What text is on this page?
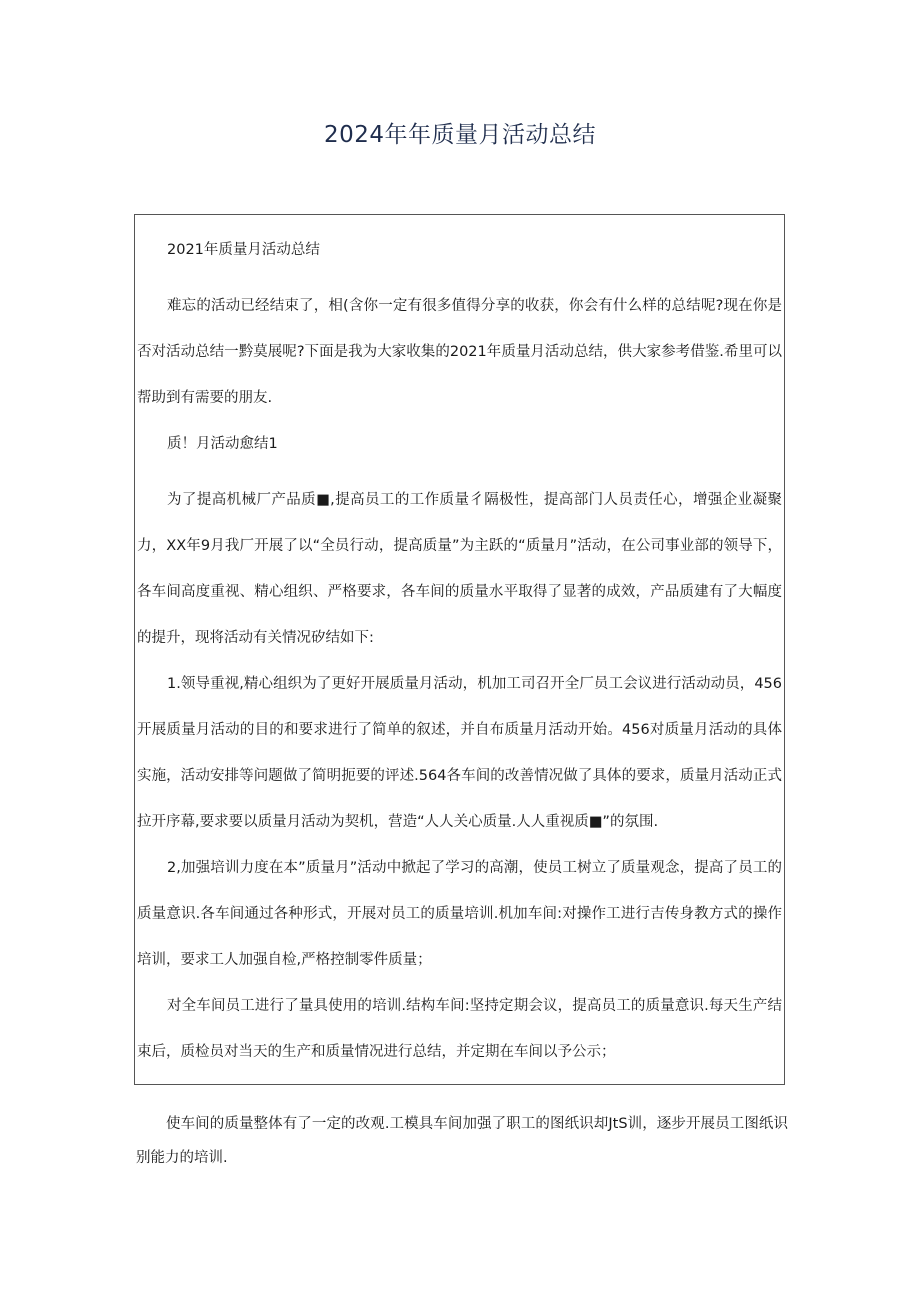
2024年年质量月活动总结

2021年质量月活动总结

难忘的活动已经结束了，相(含你一定有很多值得分享的收获，你会有什么样的总结呢?现在你是否对活动总结一黔莫展呢?下面是我为大家收集的2021年质量月活动总结，供大家参考借鉴.希里可以帮助到有需要的朋友.

质！月活动愈结1

为了提高机械厂产品质■,提高员工的工作质量彳隔极性，提高部门人员责任心，增强企业凝聚力，XX年9月我厂开展了以“全员行动，提高质量”为主跃的“质量月”活动，在公司事业部的领导下，各车间高度重视、精心组织、严格要求，各车间的质量水平取得了显著的成效，产品质建有了大幅度的提升，现将活动有关情况矽结如下:

1.领导重视,精心组织为了更好开展质量月活动，机加工司召开全厂员工会议进行活动动员，456开展质量月活动的目的和要求进行了简单的叙述，并自布质量月活动开始。456对质量月活动的具体实施，活动安排等问题做了简明扼要的评述.564各车间的改善情况做了具体的要求，质量月活动正式拉开序幕,要求要以质量月活动为契机，营造“人人关心质量.人人重视质■”的氛围.

2,加强培训力度在本”质量月”活动中掀起了学习的高潮，使员工树立了质量观念，提高了员工的质量意识.各车间通过各种形式，开展对员工的质量培训.机加车间:对操作工进行吉传身教方式的操作培训，要求工人加强自检,严格控制零件质量；

对全车间员工进行了量具使用的培训.结构车间:坚持定期会议，提高员工的质量意识.每天生产结束后，质检员对当天的生产和质量情况进行总结，并定期在车间以予公示；

使车间的质量整体有了一定的改观.工模具车间加强了职工的图纸识却JtS训，逐步开展员工图纸识别能力的培训.
